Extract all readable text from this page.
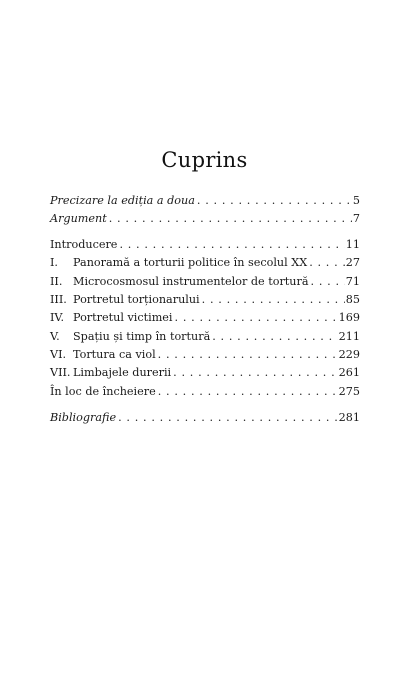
Cuprins
Precizare la ediția a doua . . .	5
Argument . . .	7
Introducere . . .	11
I.	Panoramă a torturii politice în secolul XX . . .	27
II. Microcosmosul instrumentelor de tortură . . .	71
III. Portretul torționarului . . .	85
IV. Portretul victimei . . .	169
V.	Spațiu și timp în tortură . . .	211
VI. Tortura ca viol . . .	229
VII. Limbajele durerii . . .	261
În loc de încheiere . . .	275
Bibliografie . . .	281
